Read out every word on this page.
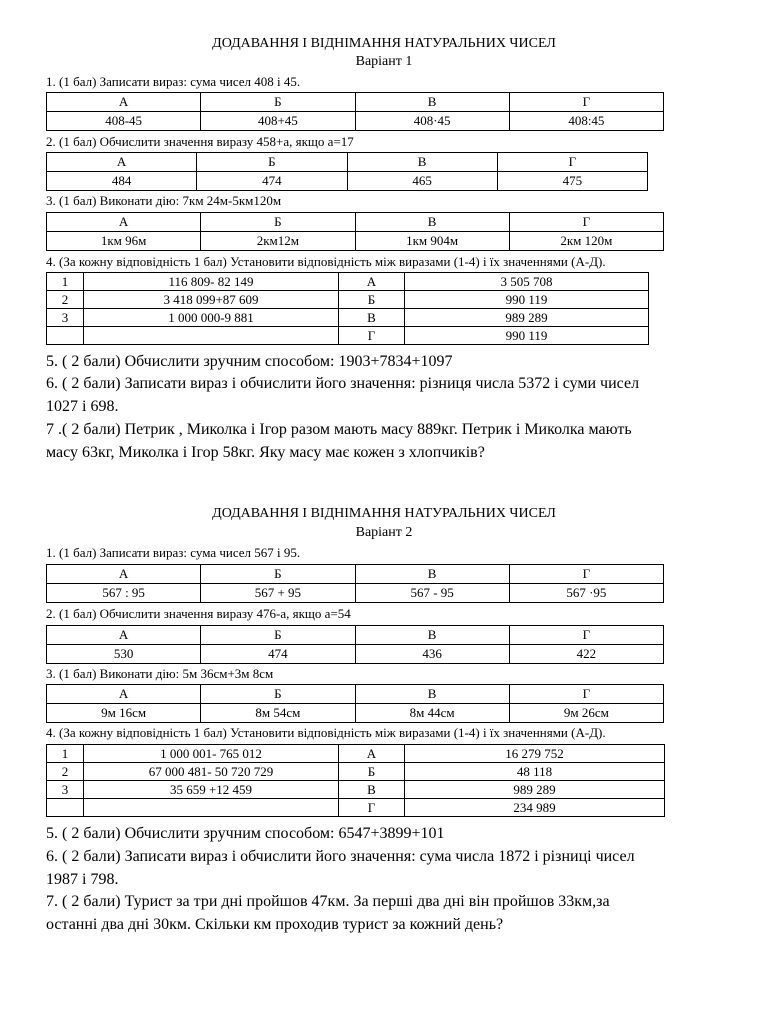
ДОДАВАННЯ І ВІДНІМАННЯ НАТУРАЛЬНИХ ЧИСЕЛ
Варіант 1
1. (1 бал) Записати вираз: сума чисел 408 і 45.
А	Б	В	Г
408-45	408+45	408·45	408:45
2. (1 бал) Обчислити значення виразу 458+а, якщо а=17
А	Б	В	Г
484	474	465	475
3. (1 бал) Виконати дію: 7км 24м-5км120м
А	Б	В	Г
1км 96м	2км12м	1км 904м	2км 120м
4. (За кожну відповідність 1 бал) Установити відповідність між виразами (1-4) і їх значеннями (А-Д).
1	116 809- 82 149	А	3 505 708
2	3 418 099+87 609	Б	990 119
3	1 000 000-9 881	В	989 289
		Г	990 119
5. ( 2 бали) Обчислити зручним способом: 1903+7834+1097
6. ( 2 бали) Записати вираз і обчислити його значення: різниця числа 5372 і суми чисел
1027 і 698.
7 .( 2 бали) Петрик , Миколка і Ігор разом мають масу 889кг. Петрик і Миколка мають
масу 63кг, Миколка і Ігор 58кг. Яку масу має кожен з хлопчиків?
ДОДАВАННЯ І ВІДНІМАННЯ НАТУРАЛЬНИХ ЧИСЕЛ
Варіант 2
1. (1 бал) Записати вираз: сума чисел 567 і 95.
А	Б	В	Г
567 : 95	567 + 95	567 - 95	567 ·95
2. (1 бал) Обчислити значення виразу 476-а, якщо а=54
А	Б	В	Г
530	474	436	422
3. (1 бал) Виконати дію: 5м 36см+3м 8см
А	Б	В	Г
9м 16см	8м 54см	8м 44см	9м 26см
4. (За кожну відповідність 1 бал) Установити відповідність між виразами (1-4) і їх значеннями (А-Д).
1	1 000 001- 765 012	А	16 279 752
2	67 000 481- 50 720 729	Б	48 118
3	35 659 +12 459	В	989 289
		Г	234 989
5. ( 2 бали) Обчислити зручним способом: 6547+3899+101
6. ( 2 бали) Записати вираз і обчислити його значення: сума числа 1872 і різниці чисел
1987 і 798.
7. ( 2 бали) Турист за три дні пройшов 47км. За перші два дні він пройшов 33км,за
останні два дні 30км. Скільки км проходив турист за кожний день?
